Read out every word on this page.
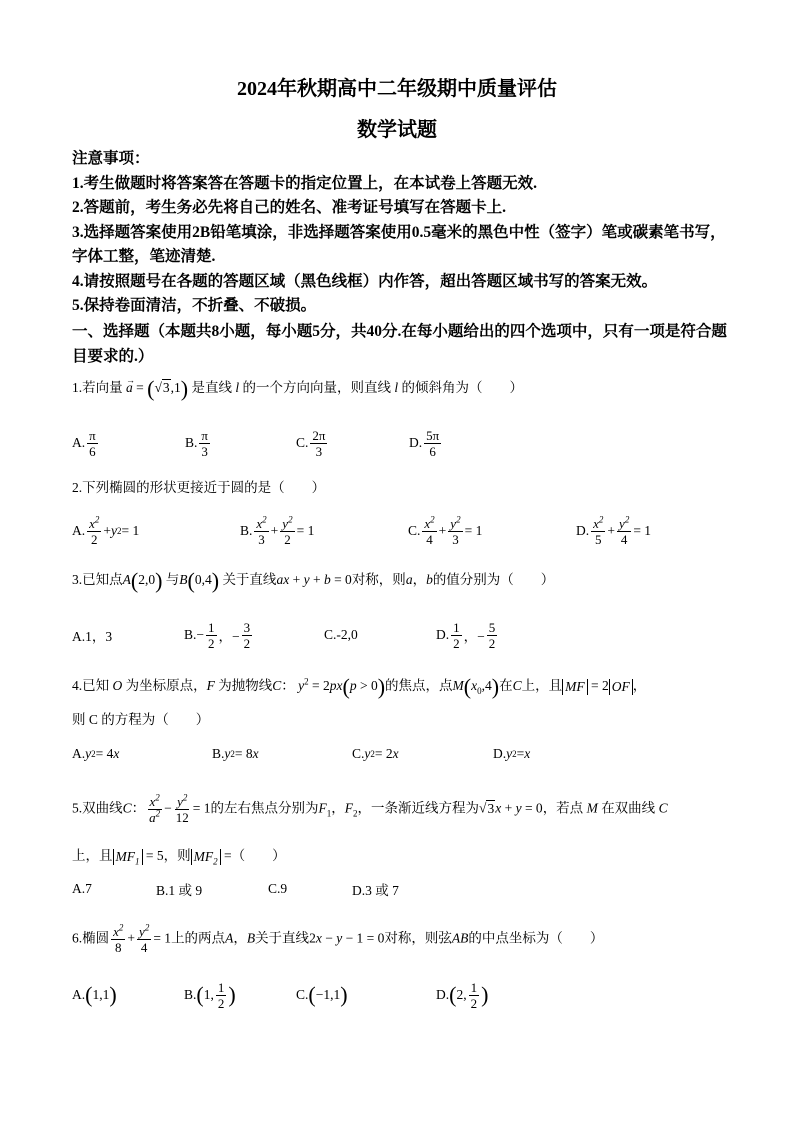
2024年秋期高中二年级期中质量评估
数学试题
注意事项：
1.考生做题时将答案答在答题卡的指定位置上，在本试卷上答题无效.
2.答题前，考生务必先将自己的姓名、准考证号填写在答题卡上.
3.选择题答案使用2B铅笔填涂，非选择题答案使用0.5毫米的黑色中性（签字）笔或碳素笔书写，字体工整，笔迹清楚.
4.请按照题号在各题的答题区域（黑色线框）内作答，超出答题区域书写的答案无效。
5.保持卷面清洁，不折叠、不破损。
一、选择题（本题共8小题，每小题5分，共40分.在每小题给出的四个选项中，只有一项是符合题目要求的.）
1.若向量 → a = (√3,1) 是直线 l 的一个方向向量，则直线 l 的倾斜角为（　　）
A. $\frac{\pi}{6}$	B. $\frac{\pi}{3}$	C. $\frac{2\pi}{3}$	D. $\frac{5\pi}{6}$
2.下列椭圆的形状更接近于圆的是（　　）
A. $\frac{x^2}{2} + y$ 2 = 1	B. $\frac{x^2}{3} + \frac{y^2}{2} = 1$	C. $\frac{x^2}{4} + \frac{y^2}{3} = 1$	D. $\frac{x^2}{5} + \frac{y^2}{4} = 1$
3.已知点A(2,0) 与B(0,4) 关于直线ax + y + b = 0对称，则a，b的值分别为（　　）
A.1，3	$B.- \frac{1}{2}$ ，− $\frac{3}{2}$	C.-2,0	D. $\frac{1}{2}$ ，− $\frac{5}{2}$
4.已知 O 为坐标原点，F 为抛物线C： $y^2 = 2px(p > 0)$的焦点，点$M(x_0,4)$在C上，且 MF = 2 OF ，
则 C 的方程为（　　）
A. y 2 = 4 x	B. y 2 = 8 x	C. y 2 = 2 x	D. y 2 = x
5.双曲线C： $\frac{x^2}{a^2} - \frac{y^2}{12} = 1$的左右焦点分别为$F_1$，$F_2$，一条渐近线方程为√3x + y = 0，若点 M 在双曲线 C
上，且 $MF_1 = 5$，则 $MF_2$ =（　　）
A.7	B.1 或 9	C.9	D.3 或 7
6.椭圆 $\frac{x^2}{8} + \frac{y^2}{4} = 1$上的两点A，B关于直线2x − y − 1 = 0对称，则弦AB的中点坐标为（　　）
A. ( 1,1 )	B. ( 1, $\frac{1}{2}$ )	C. ( −1,1 )	D. ( 2, $\frac{1}{2}$ )
